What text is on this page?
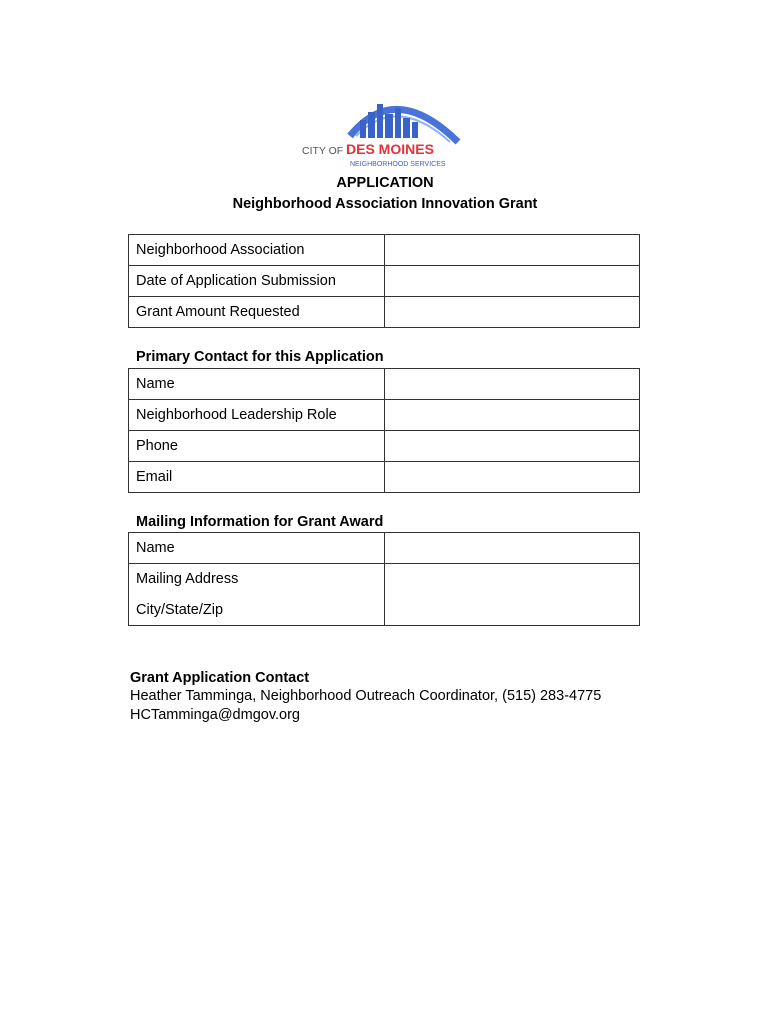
CITY OF DES MOINES
NEIGHBORHOOD SERVICES
APPLICATION
Neighborhood Association Innovation Grant
Neighborhood Association	
Date of Application Submission	
Grant Amount Requested	
Primary Contact for this Application
Name	
Neighborhood Leadership Role	
Phone	
Email	
Mailing Information for Grant Award
Name	
Mailing Address	
City/State/Zip	
Grant Application Contact
Heather Tamminga, Neighborhood Outreach Coordinator, (515) 283-4775
HCTamminga@dmgov.org
